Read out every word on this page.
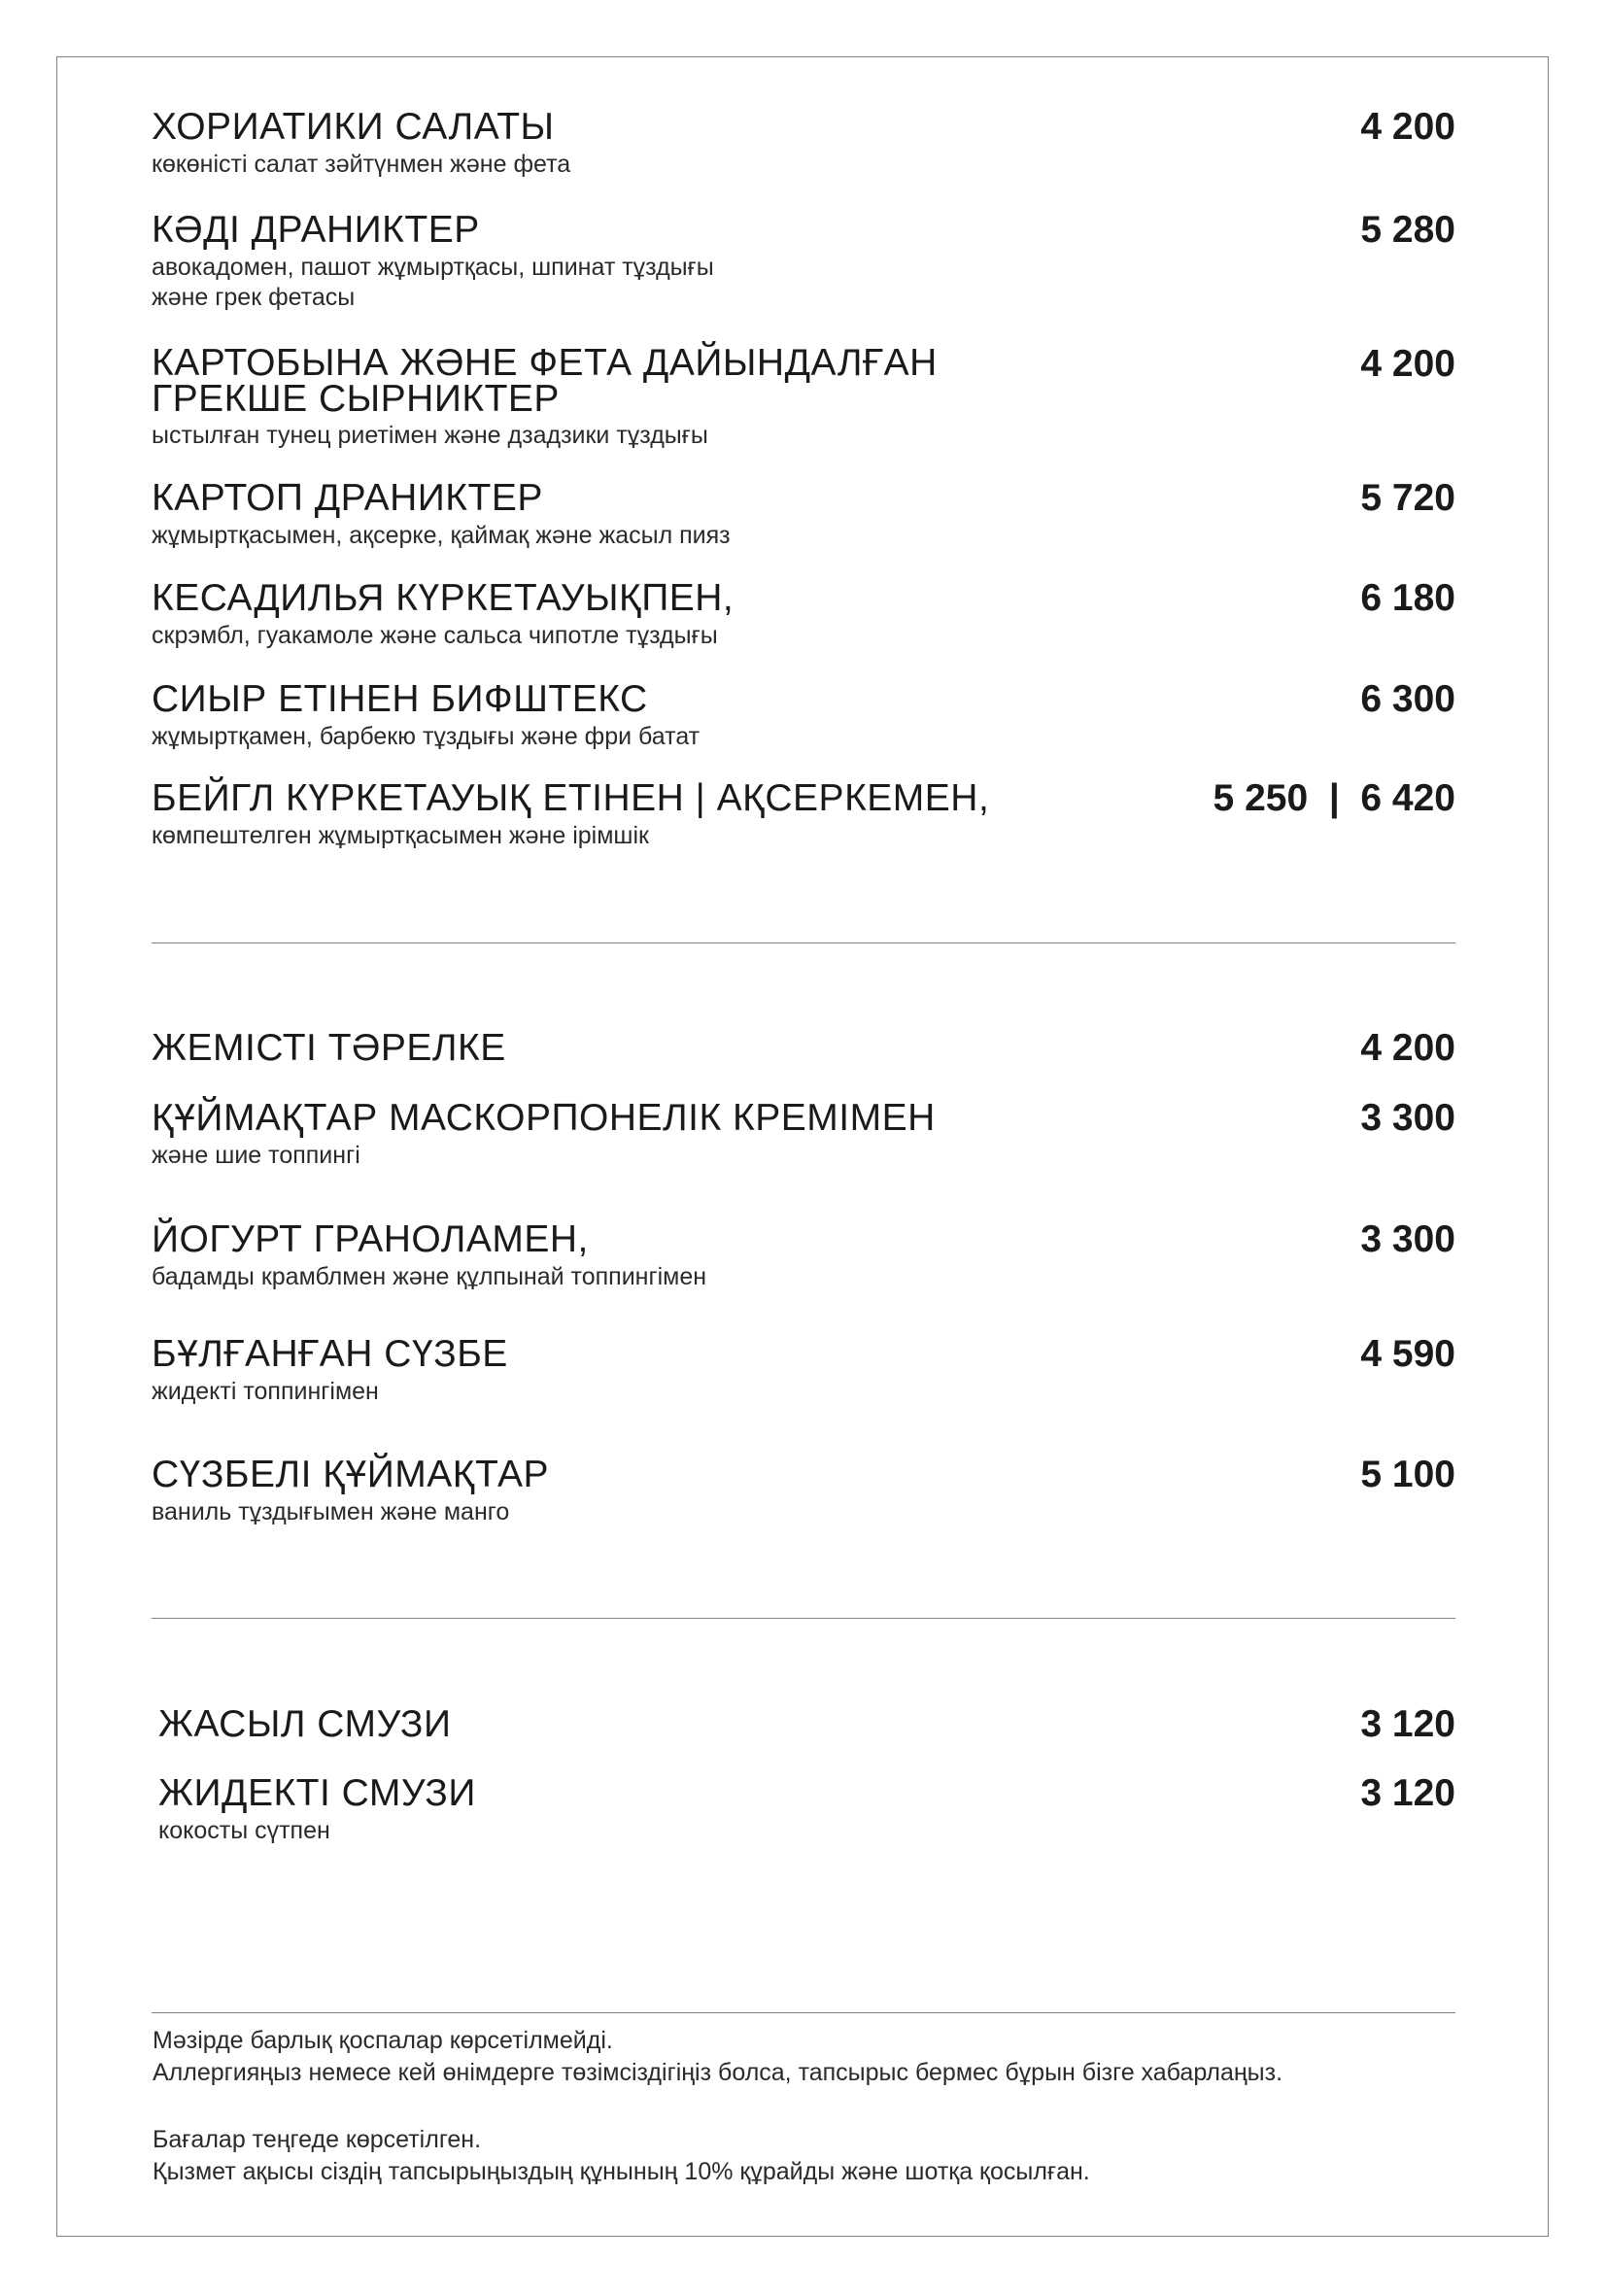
ХОРИАТИКИ САЛАТЫ
көкөністі салат зәйтүнмен және фета
4 200
КӘДІ ДРАНИКТЕР
авокадомен, пашот жұмыртқасы, шпинат тұздығы
және грек фетасы
5 280
КАРТОБЫНА ЖӘНЕ ФЕТА ДАЙЫНДАЛҒАН
ГРЕКШЕ СЫРНИКТЕР
ыстылған тунец риетімен және дзадзики тұздығы
4 200
КАРТОП ДРАНИКТЕР
жұмыртқасымен, ақсерке, қаймақ және жасыл пияз
5 720
КЕСАДИЛЬЯ КҮРКЕТАУЫҚПЕН,
скрэмбл, гуакамоле және сальса чипотле тұздығы
6 180
СИЫР ЕТІНЕН БИФШТЕКС
жұмыртқамен, барбекю тұздығы және фри батат
6 300
БЕЙГЛ КҮРКЕТАУЫҚ ЕТІНЕН | АҚСЕРКЕМЕН,
көмпештелген жұмыртқасымен және ірімшік
5 250  |  6 420
ЖЕМІСТІ ТӘРЕЛКЕ	4 200
ҚҰЙМАҚТАР МАСКОРПОНЕЛІК КРЕМІМЕН
және шие топпингі
3 300
ЙОГУРТ ГРАНОЛАМЕН,
бадамды крамблмен және құлпынай топпингімен
3 300
БҰЛҒАНҒАН СҮЗБЕ
жидекті топпингімен
4 590
СҮЗБЕЛІ ҚҰЙМАҚТАР
ваниль тұздығымен және манго
5 100
ЖАСЫЛ СМУЗИ	3 120
ЖИДЕКТІ СМУЗИ
кокосты сүтпен
3 120
Мәзірде барлық қоспалар көрсетілмейді.
Аллергияңыз немесе кей өнімдерге төзімсіздігіңіз болса, тапсырыс бермес бұрын бізге хабарлаңыз.
Бағалар теңгеде көрсетілген.
Қызмет ақысы сіздің тапсырыңыздың құнының 10% құрайды және шотқа қосылған.
